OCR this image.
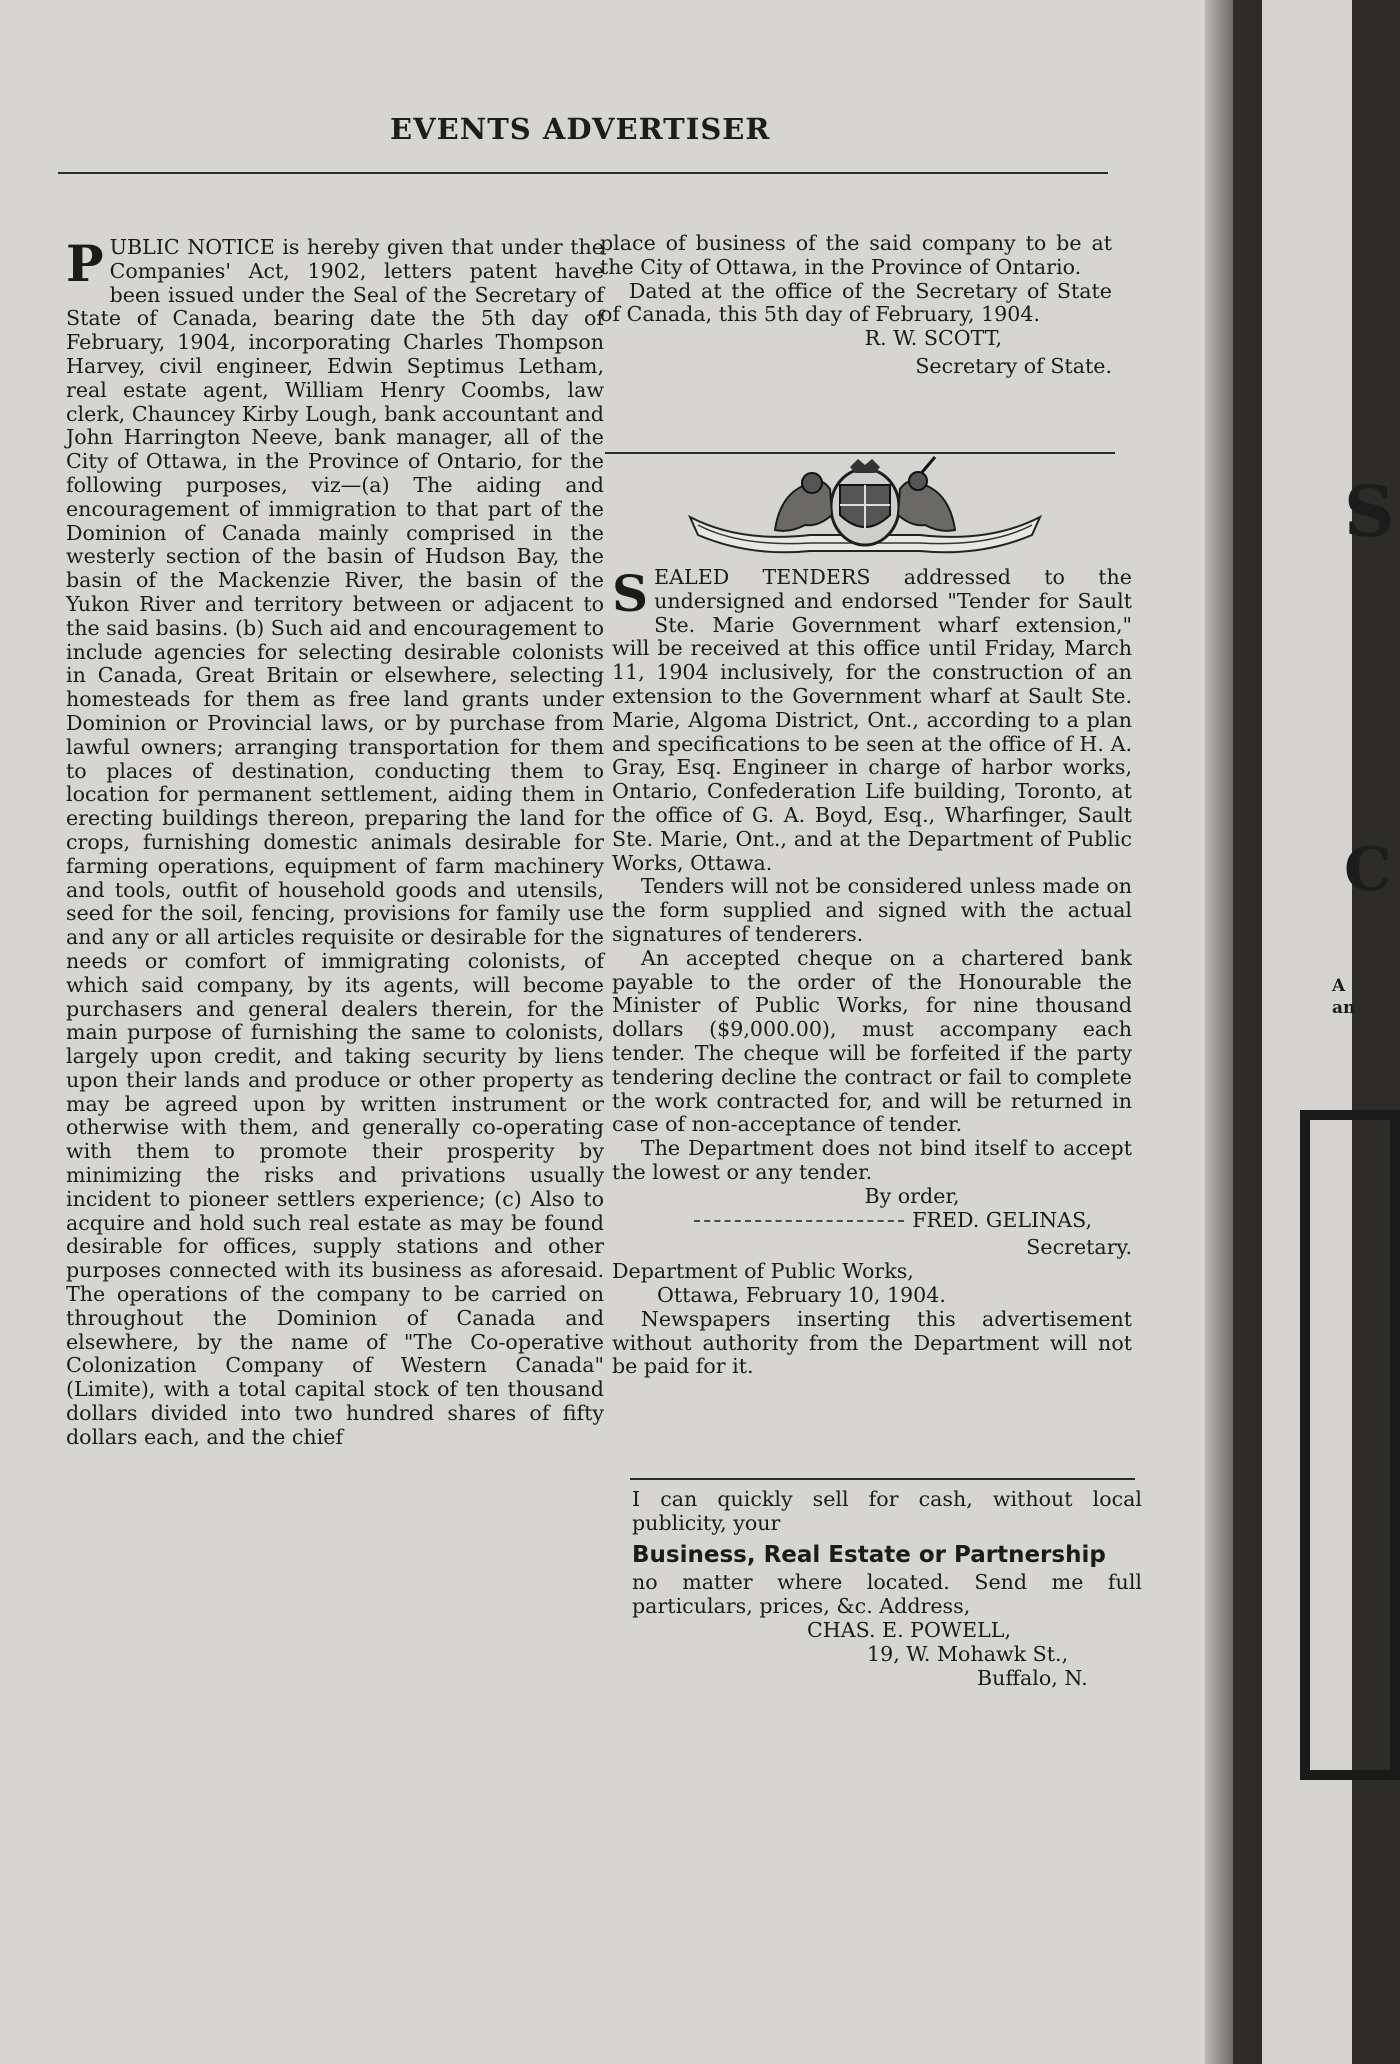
EVENTS ADVERTISER
P UBLIC NOTICE is hereby given that under the Companies' Act, 1902, letters patent have been issued under the Seal of the Secretary of State of Canada, bearing date the 5th day of February, 1904, incorporating Charles Thompson Harvey, civil engineer, Edwin Septimus Letham, real estate agent, William Henry Coombs, law clerk, Chauncey Kirby Lough, bank accountant and John Harrington Neeve, bank manager, all of the City of Ottawa, in the Province of Ontario, for the following purposes, viz—(a) The aiding and encouragement of immigration to that part of the Dominion of Canada mainly comprised in the westerly section of the basin of Hudson Bay, the basin of the Mackenzie River, the basin of the Yukon River and territory between or adjacent to the said basins. (b) Such aid and encouragement to include agencies for selecting desirable colonists in Canada, Great Britain or elsewhere, selecting homesteads for them as free land grants under Dominion or Provincial laws, or by purchase from lawful owners; arranging transportation for them to places of destination, conducting them to location for permanent settlement, aiding them in erecting buildings thereon, preparing the land for crops, furnishing domestic animals desirable for farming operations, equipment of farm machinery and tools, outfit of household goods and utensils, seed for the soil, fencing, provisions for family use and any or all articles requisite or desirable for the needs or comfort of immigrating colonists, of which said company, by its agents, will become purchasers and general dealers therein, for the main purpose of furnishing the same to colonists, largely upon credit, and taking security by liens upon their lands and produce or other property as may be agreed upon by written instrument or otherwise with them, and generally co-operating with them to promote their prosperity by minimizing the risks and privations usually incident to pioneer settlers experience; (c) Also to acquire and hold such real estate as may be found desirable for offices, supply stations and other purposes connected with its business as aforesaid. The operations of the company to be carried on throughout the Dominion of Canada and elsewhere, by the name of "The Co-operative Colonization Company of Western Canada" (Limite), with a total capital stock of ten thousand dollars divided into two hundred shares of fifty dollars each, and the chief

place of business of the said company to be at the City of Ottawa, in the Province of Ontario.

Dated at the office of the Secretary of State of Canada, this 5th day of February, 1904.

R. W. SCOTT,

Secretary of State.

S EALED TENDERS addressed to the undersigned and endorsed "Tender for Sault Ste. Marie Government wharf extension," will be received at this office until Friday, March 11, 1904 inclusively, for the construction of an extension to the Government wharf at Sault Ste. Marie, Algoma District, Ont., according to a plan and specifications to be seen at the office of H. A. Gray, Esq. Engineer in charge of harbor works, Ontario, Confederation Life building, Toronto, at the office of G. A. Boyd, Esq., Wharfinger, Sault Ste. Marie, Ont., and at the Department of Public Works, Ottawa.

Tenders will not be considered unless made on the form supplied and signed with the actual signatures of tenderers.

An accepted cheque on a chartered bank payable to the order of the Honourable the Minister of Public Works, for nine thousand dollars ($9,000.00), must accompany each tender. The cheque will be forfeited if the party tendering decline the contract or fail to complete the work contracted for, and will be returned in case of non-acceptance of tender.

The Department does not bind itself to accept the lowest or any tender.

By order,

FRED. GELINAS,

Secretary.

Department of Public Works,

Ottawa, February 10, 1904.

Newspapers inserting this advertisement without authority from the Department will not be paid for it.

I can quickly sell for cash, without local publicity, your

Business, Real Estate or Partnership

no matter where located. Send me full particulars, prices, &c. Address,

CHAS. E. POWELL,

19, W. Mohawk St.,

Buffalo, N.

S
C
A
an
